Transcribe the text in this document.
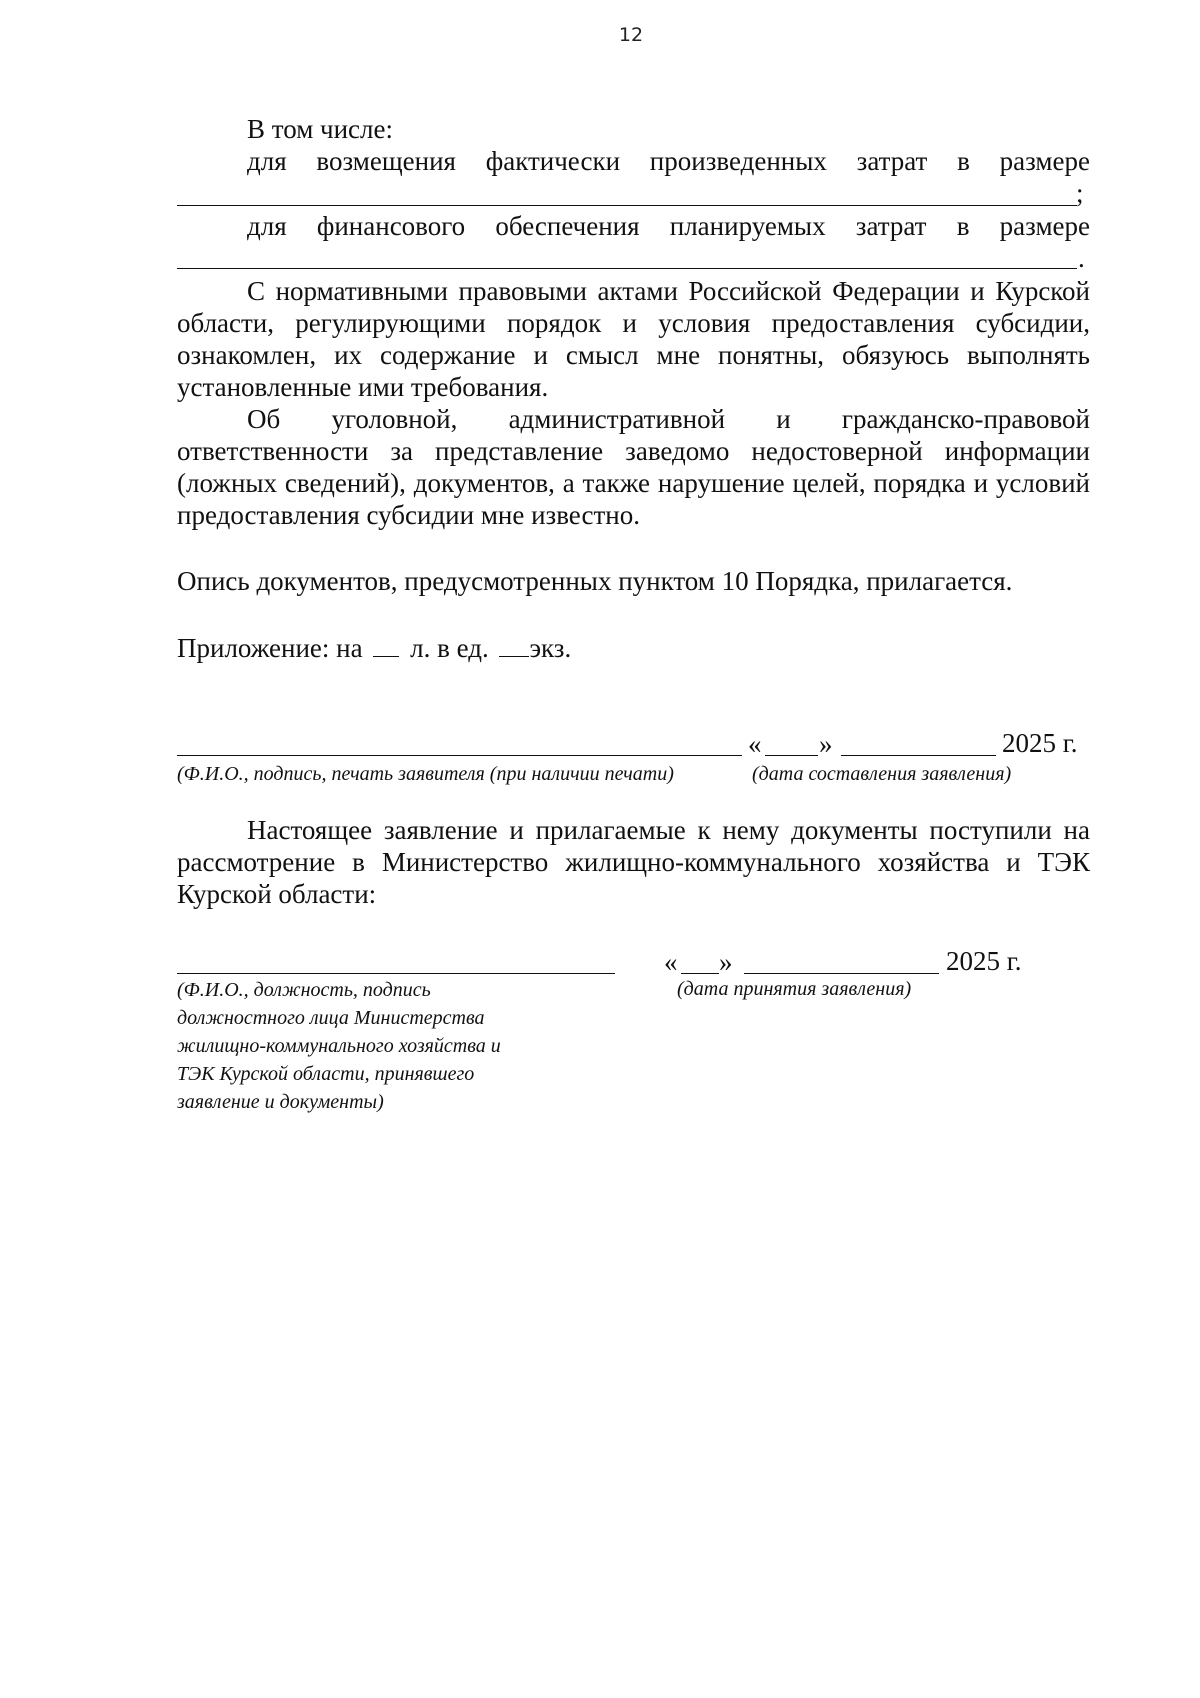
12
В том числе:
для возмещения фактически произведенных затрат в размере
;
для финансового обеспечения планируемых затрат в размере
.
С нормативными правовыми актами Российской Федерации и Курской области, регулирующими порядок и условия предоставления субсидии, ознакомлен, их содержание и смысл мне понятны, обязуюсь выполнять установленные ими требования.
Об уголовной, административной и гражданско-правовой ответственности за представление заведомо недостоверной информации (ложных сведений), документов, а также нарушение целей, порядка и условий предоставления субсидии мне известно.
Опись документов, предусмотренных пунктом 10 Порядка, прилагается.
Приложение: на л. в ед. экз.
« »	2025 г.
(Ф.И.О., подпись, печать заявителя (при наличии печати)	(дата составления заявления)
Настоящее заявление и прилагаемые к нему документы поступили на рассмотрение в Министерство жилищно-коммунального хозяйства и ТЭК Курской области:
« »	2025 г.
(Ф.И.О., должность, подпись
должностного лица Министерства
жилищно-коммунального хозяйства и
ТЭК Курской области, принявшего
заявление и документы)
(дата принятия заявления)
